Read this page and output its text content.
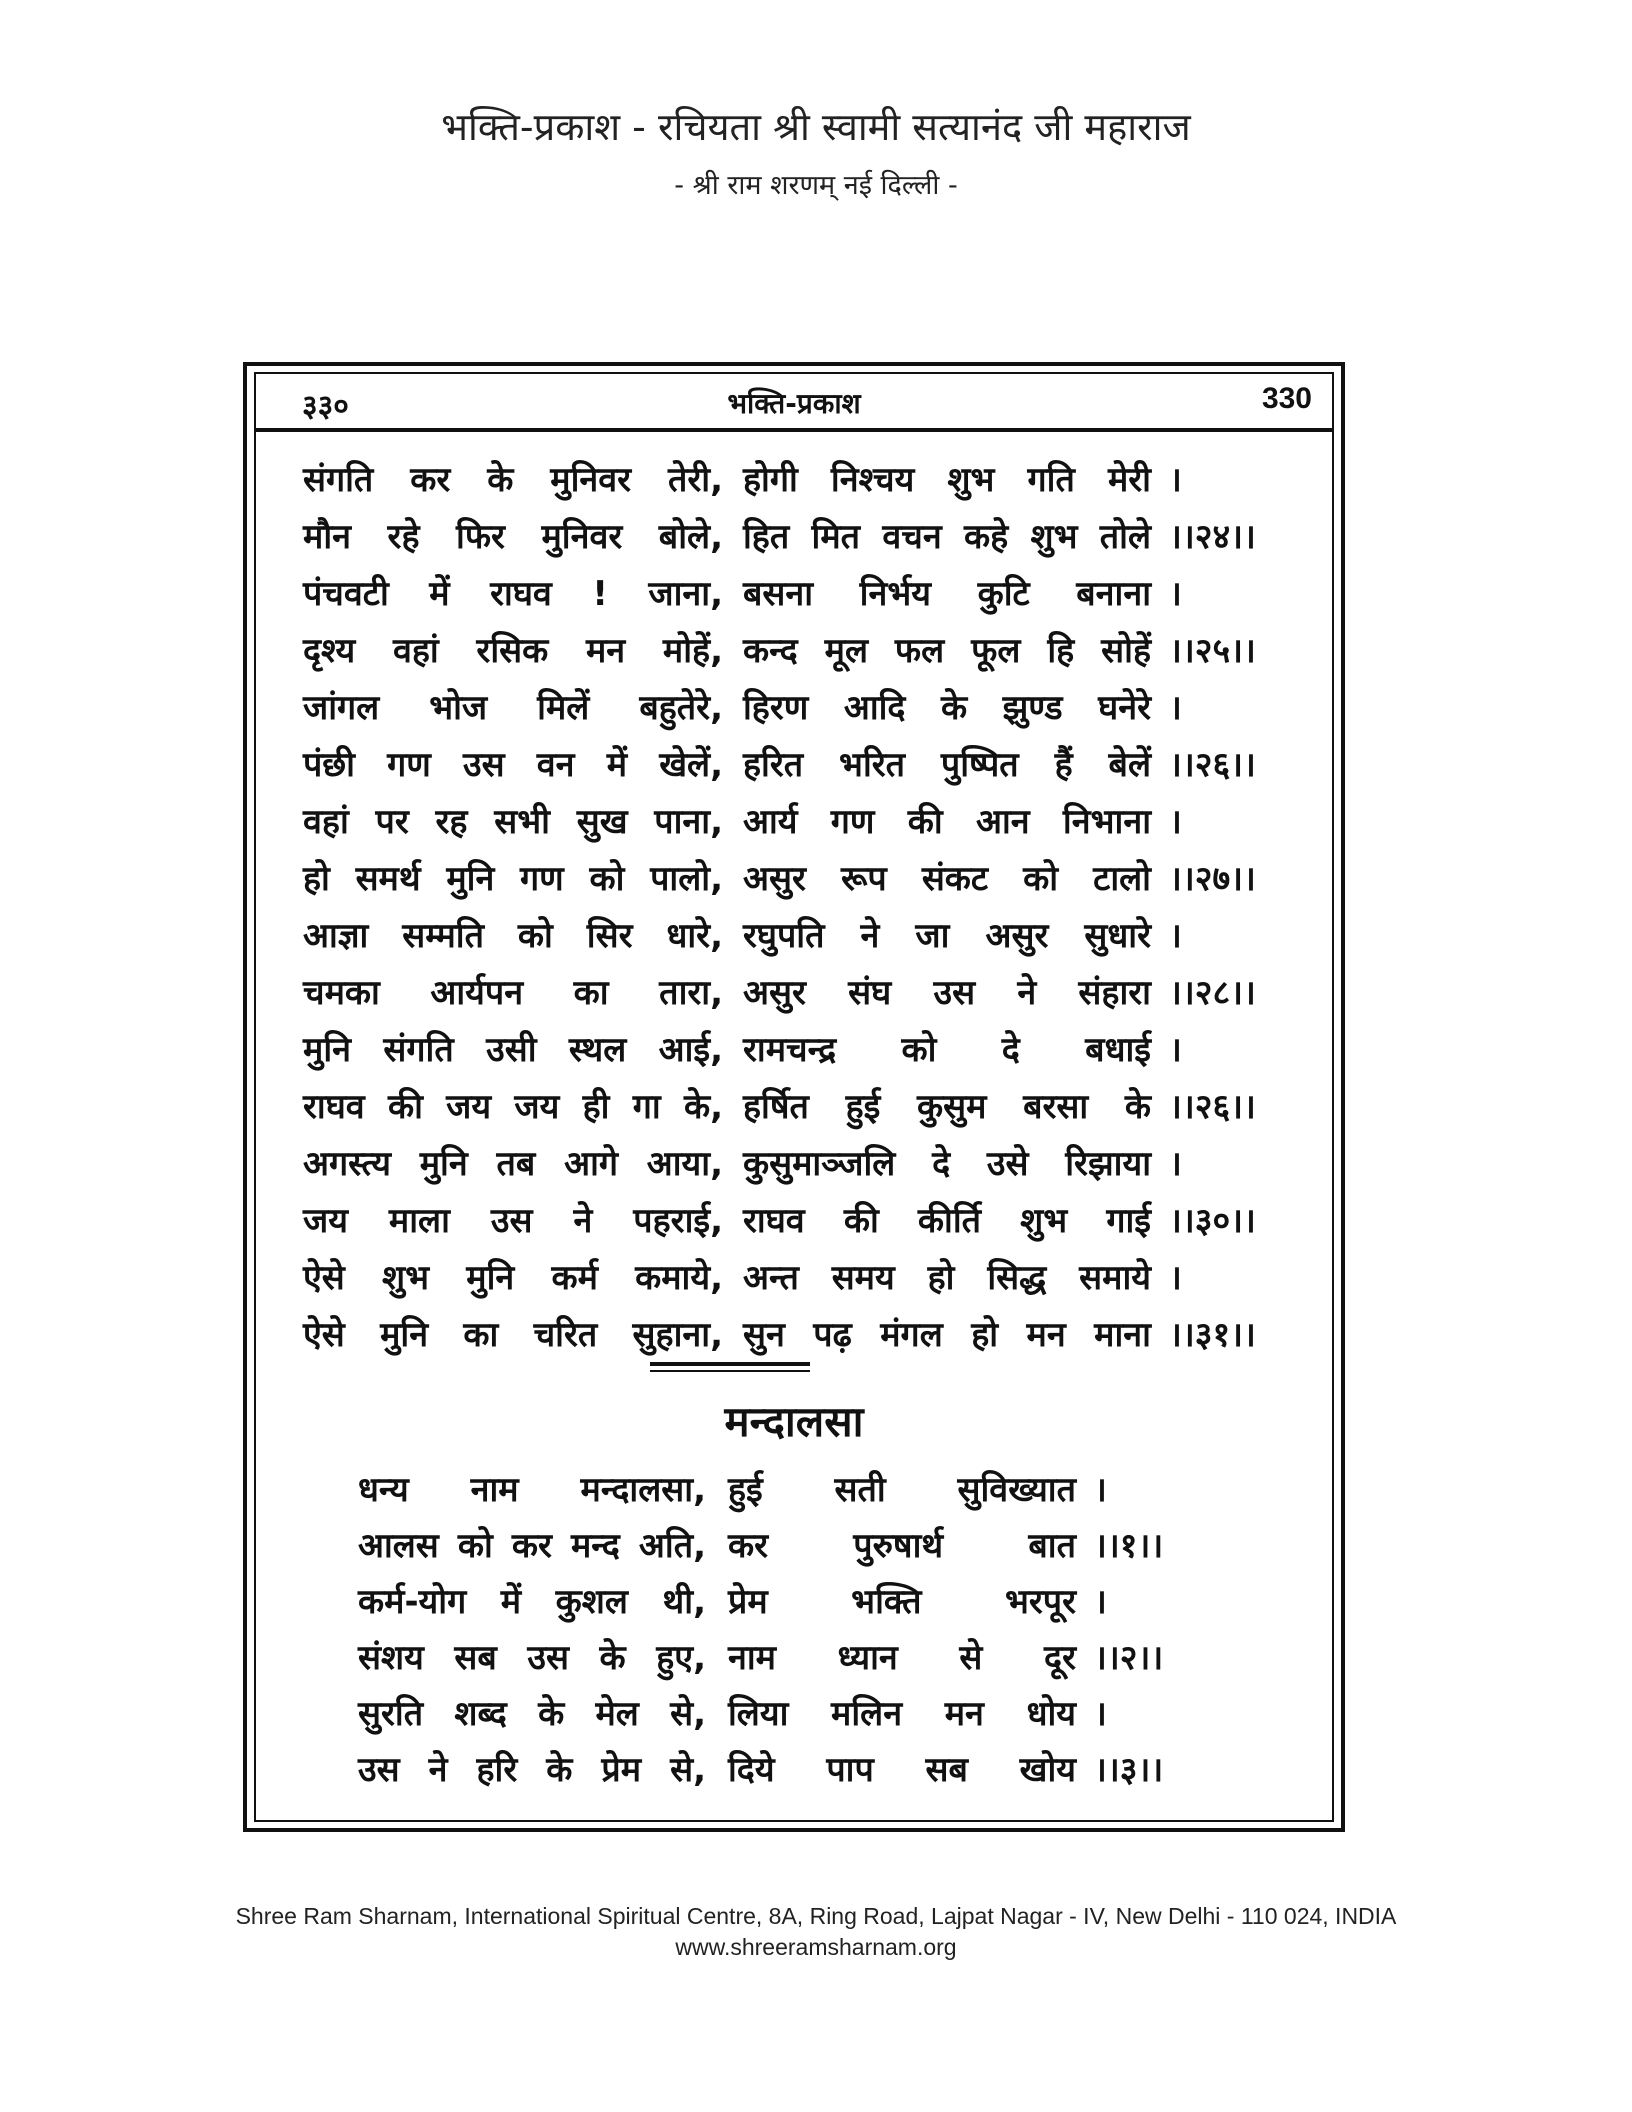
भक्ति-प्रकाश - रचियता श्री स्वामी सत्यानंद जी महाराज
- श्री राम शरणम् नई दिल्ली -
३३०	भक्ति-प्रकाश	330
संगति कर के मुनिवर तेरी, होगी निश्चय शुभ गति मेरी ।
मौन रहे फिर मुनिवर बोले, हित मित वचन कहे शुभ तोले ।।२४।।
पंचवटी में राघव ! जाना, बसना निर्भय कुटि बनाना ।
दृश्य वहां रसिक मन मोहें, कन्द मूल फल फूल हि सोहें ।।२५।।
जांगल भोज मिलें बहुतेरे, हिरण आदि के झुण्ड घनेरे ।
पंछी गण उस वन में खेलें, हरित भरित पुष्पित हैं बेलें ।।२६।।
वहां पर रह सभी सुख पाना, आर्य गण की आन निभाना ।
हो समर्थ मुनि गण को पालो, असुर रूप संकट को टालो ।।२७।।
आज्ञा सम्मति को सिर धारे, रघुपति ने जा असुर सुधारे ।
चमका आर्यपन का तारा, असुर संघ उस ने संहारा ।।२८।।
मुनि संगति उसी स्थल आई, रामचन्द्र को दे बधाई ।
राघव की जय जय ही गा के, हर्षित हुई कुसुम बरसा के ।।२६।।
अगस्त्य मुनि तब आगे आया, कुसुमाञ्जलि दे उसे रिझाया ।
जय माला उस ने पहराई, राघव की कीर्ति शुभ गाई ।।३०।।
ऐसे शुभ मुनि कर्म कमाये, अन्त समय हो सिद्ध समाये ।
ऐसे मुनि का चरित सुहाना, सुन पढ़ मंगल हो मन माना ।।३१।।
मन्दालसा
धन्य नाम मन्दालसा, हुई सती सुविख्यात ।
आलस को कर मन्द अति, कर पुरुषार्थ बात ।।१।।
कर्म-योग में कुशल थी, प्रेम भक्ति भरपूर ।
संशय सब उस के हुए, नाम ध्यान से दूर ।।२।।
सुरति शब्द के मेल से, लिया मलिन मन धोय ।
उस ने हरि के प्रेम से, दिये पाप सब खोय ।।३।।
Shree Ram Sharnam, International Spiritual Centre, 8A, Ring Road, Lajpat Nagar - IV, New Delhi - 110 024, INDIA
www.shreeramsharnam.org
